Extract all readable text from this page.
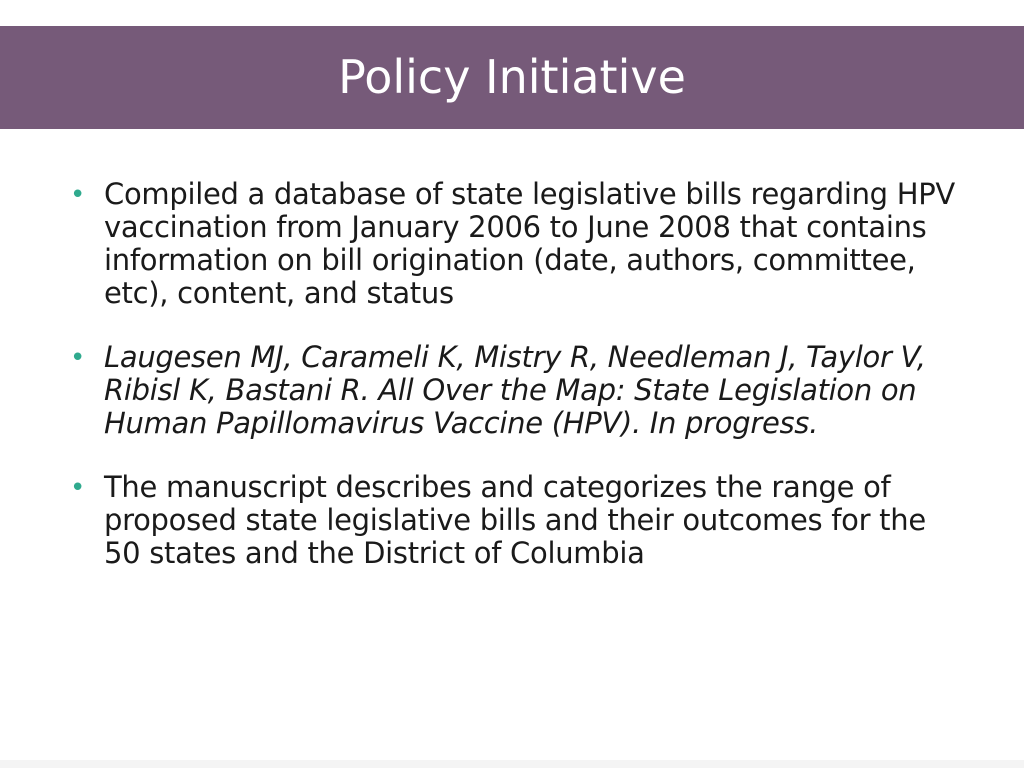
Policy Initiative
• Compiled a database of state legislative bills regarding HPV vaccination from January 2006 to June 2008 that contains information on bill origination (date, authors, committee, etc), content, and status
• Laugesen MJ, Carameli K, Mistry R, Needleman J, Taylor V, Ribisl K, Bastani R. All Over the Map: State Legislation on Human Papillomavirus Vaccine (HPV). In progress.
• The manuscript describes and categorizes the range of proposed state legislative bills and their outcomes for the 50 states and the District of Columbia
